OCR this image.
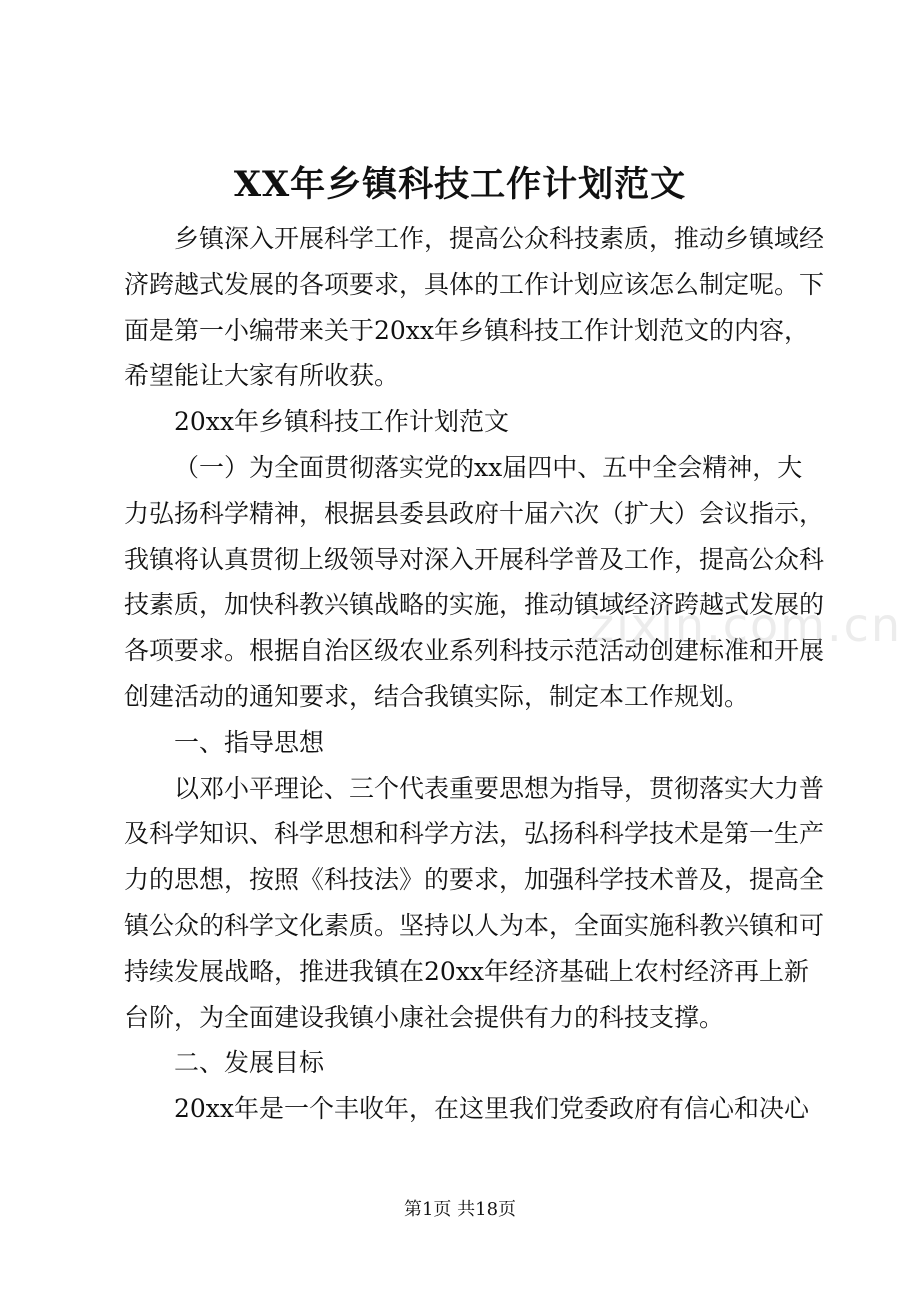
XX年乡镇科技工作计划范文

乡镇深入开展科学工作，提高公众科技素质，推动乡镇域经
济跨越式发展的各项要求，具体的工作计划应该怎么制定呢。下
面是第一小编带来关于20xx年乡镇科技工作计划范文的内容，
希望能让大家有所收获。

20xx年乡镇科技工作计划范文

（一）为全面贯彻落实党的xx届四中、五中全会精神，大
力弘扬科学精神，根据县委县政府十届六次（扩大）会议指示，
我镇将认真贯彻上级领导对深入开展科学普及工作，提高公众科
技素质，加快科教兴镇战略的实施，推动镇域经济跨越式发展的
各项要求。根据自治区级农业系列科技示范活动创建标准和开展
创建活动的通知要求，结合我镇实际，制定本工作规划。

一、指导思想

以邓小平理论、三个代表重要思想为指导，贯彻落实大力普
及科学知识、科学思想和科学方法，弘扬科科学技术是第一生产
力的思想，按照《科技法》的要求，加强科学技术普及，提高全
镇公众的科学文化素质。坚持以人为本，全面实施科教兴镇和可
持续发展战略，推进我镇在20xx年经济基础上农村经济再上新
台阶，为全面建设我镇小康社会提供有力的科技支撑。

二、发展目标

20xx年是一个丰收年，在这里我们党委政府有信心和决心

zixin.com.cn
第1页 共18页
